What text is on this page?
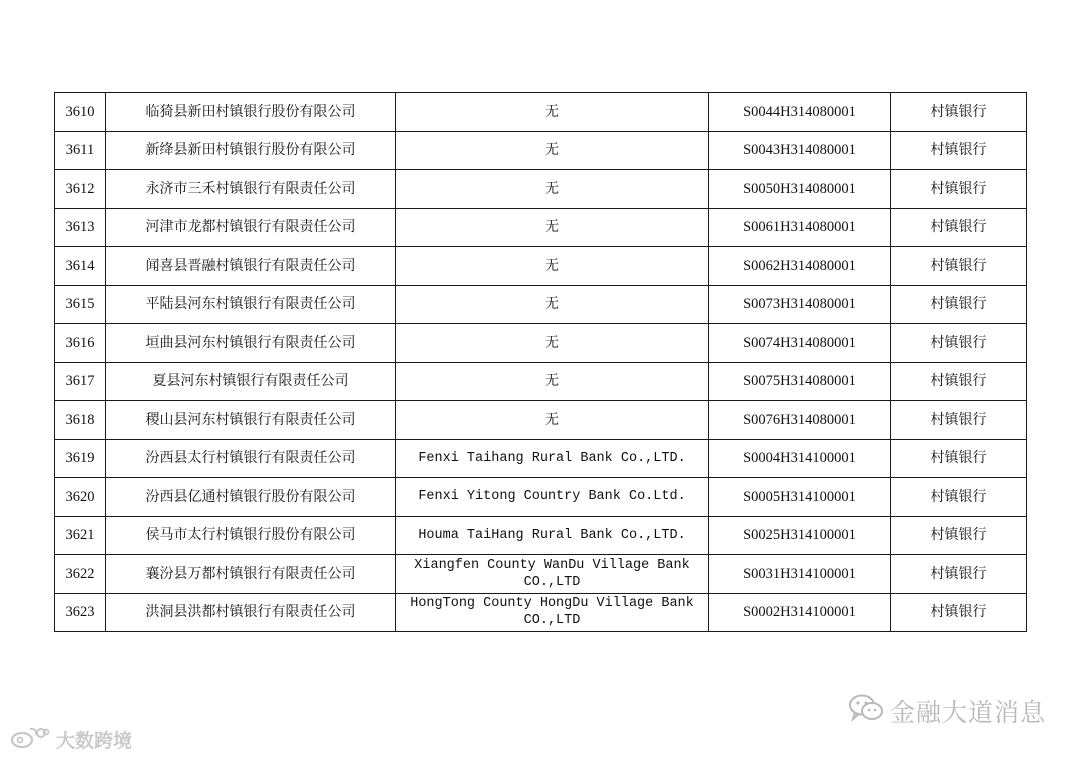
3610	临猗县新田村镇银行股份有限公司	无	S0044H314080001	村镇银行
3611	新绛县新田村镇银行股份有限公司	无	S0043H314080001	村镇银行
3612	永济市三禾村镇银行有限责任公司	无	S0050H314080001	村镇银行
3613	河津市龙都村镇银行有限责任公司	无	S0061H314080001	村镇银行
3614	闻喜县晋融村镇银行有限责任公司	无	S0062H314080001	村镇银行
3615	平陆县河东村镇银行有限责任公司	无	S0073H314080001	村镇银行
3616	垣曲县河东村镇银行有限责任公司	无	S0074H314080001	村镇银行
3617	夏县河东村镇银行有限责任公司	无	S0075H314080001	村镇银行
3618	稷山县河东村镇银行有限责任公司	无	S0076H314080001	村镇银行
3619	汾西县太行村镇银行有限责任公司	Fenxi Taihang Rural Bank Co.,LTD.	S0004H314100001	村镇银行
3620	汾西县亿通村镇银行股份有限公司	Fenxi Yitong Country Bank Co.Ltd.	S0005H314100001	村镇银行
3621	侯马市太行村镇银行股份有限公司	Houma TaiHang Rural Bank Co.,LTD.	S0025H314100001	村镇银行
3622	襄汾县万都村镇银行有限责任公司	Xiangfen County WanDu Village Bank CO.,LTD	S0031H314100001	村镇银行
3623	洪洞县洪都村镇银行有限责任公司	HongTong County HongDu Village Bank CO.,LTD	S0002H314100001	村镇银行
金融大道消息
大数跨境
